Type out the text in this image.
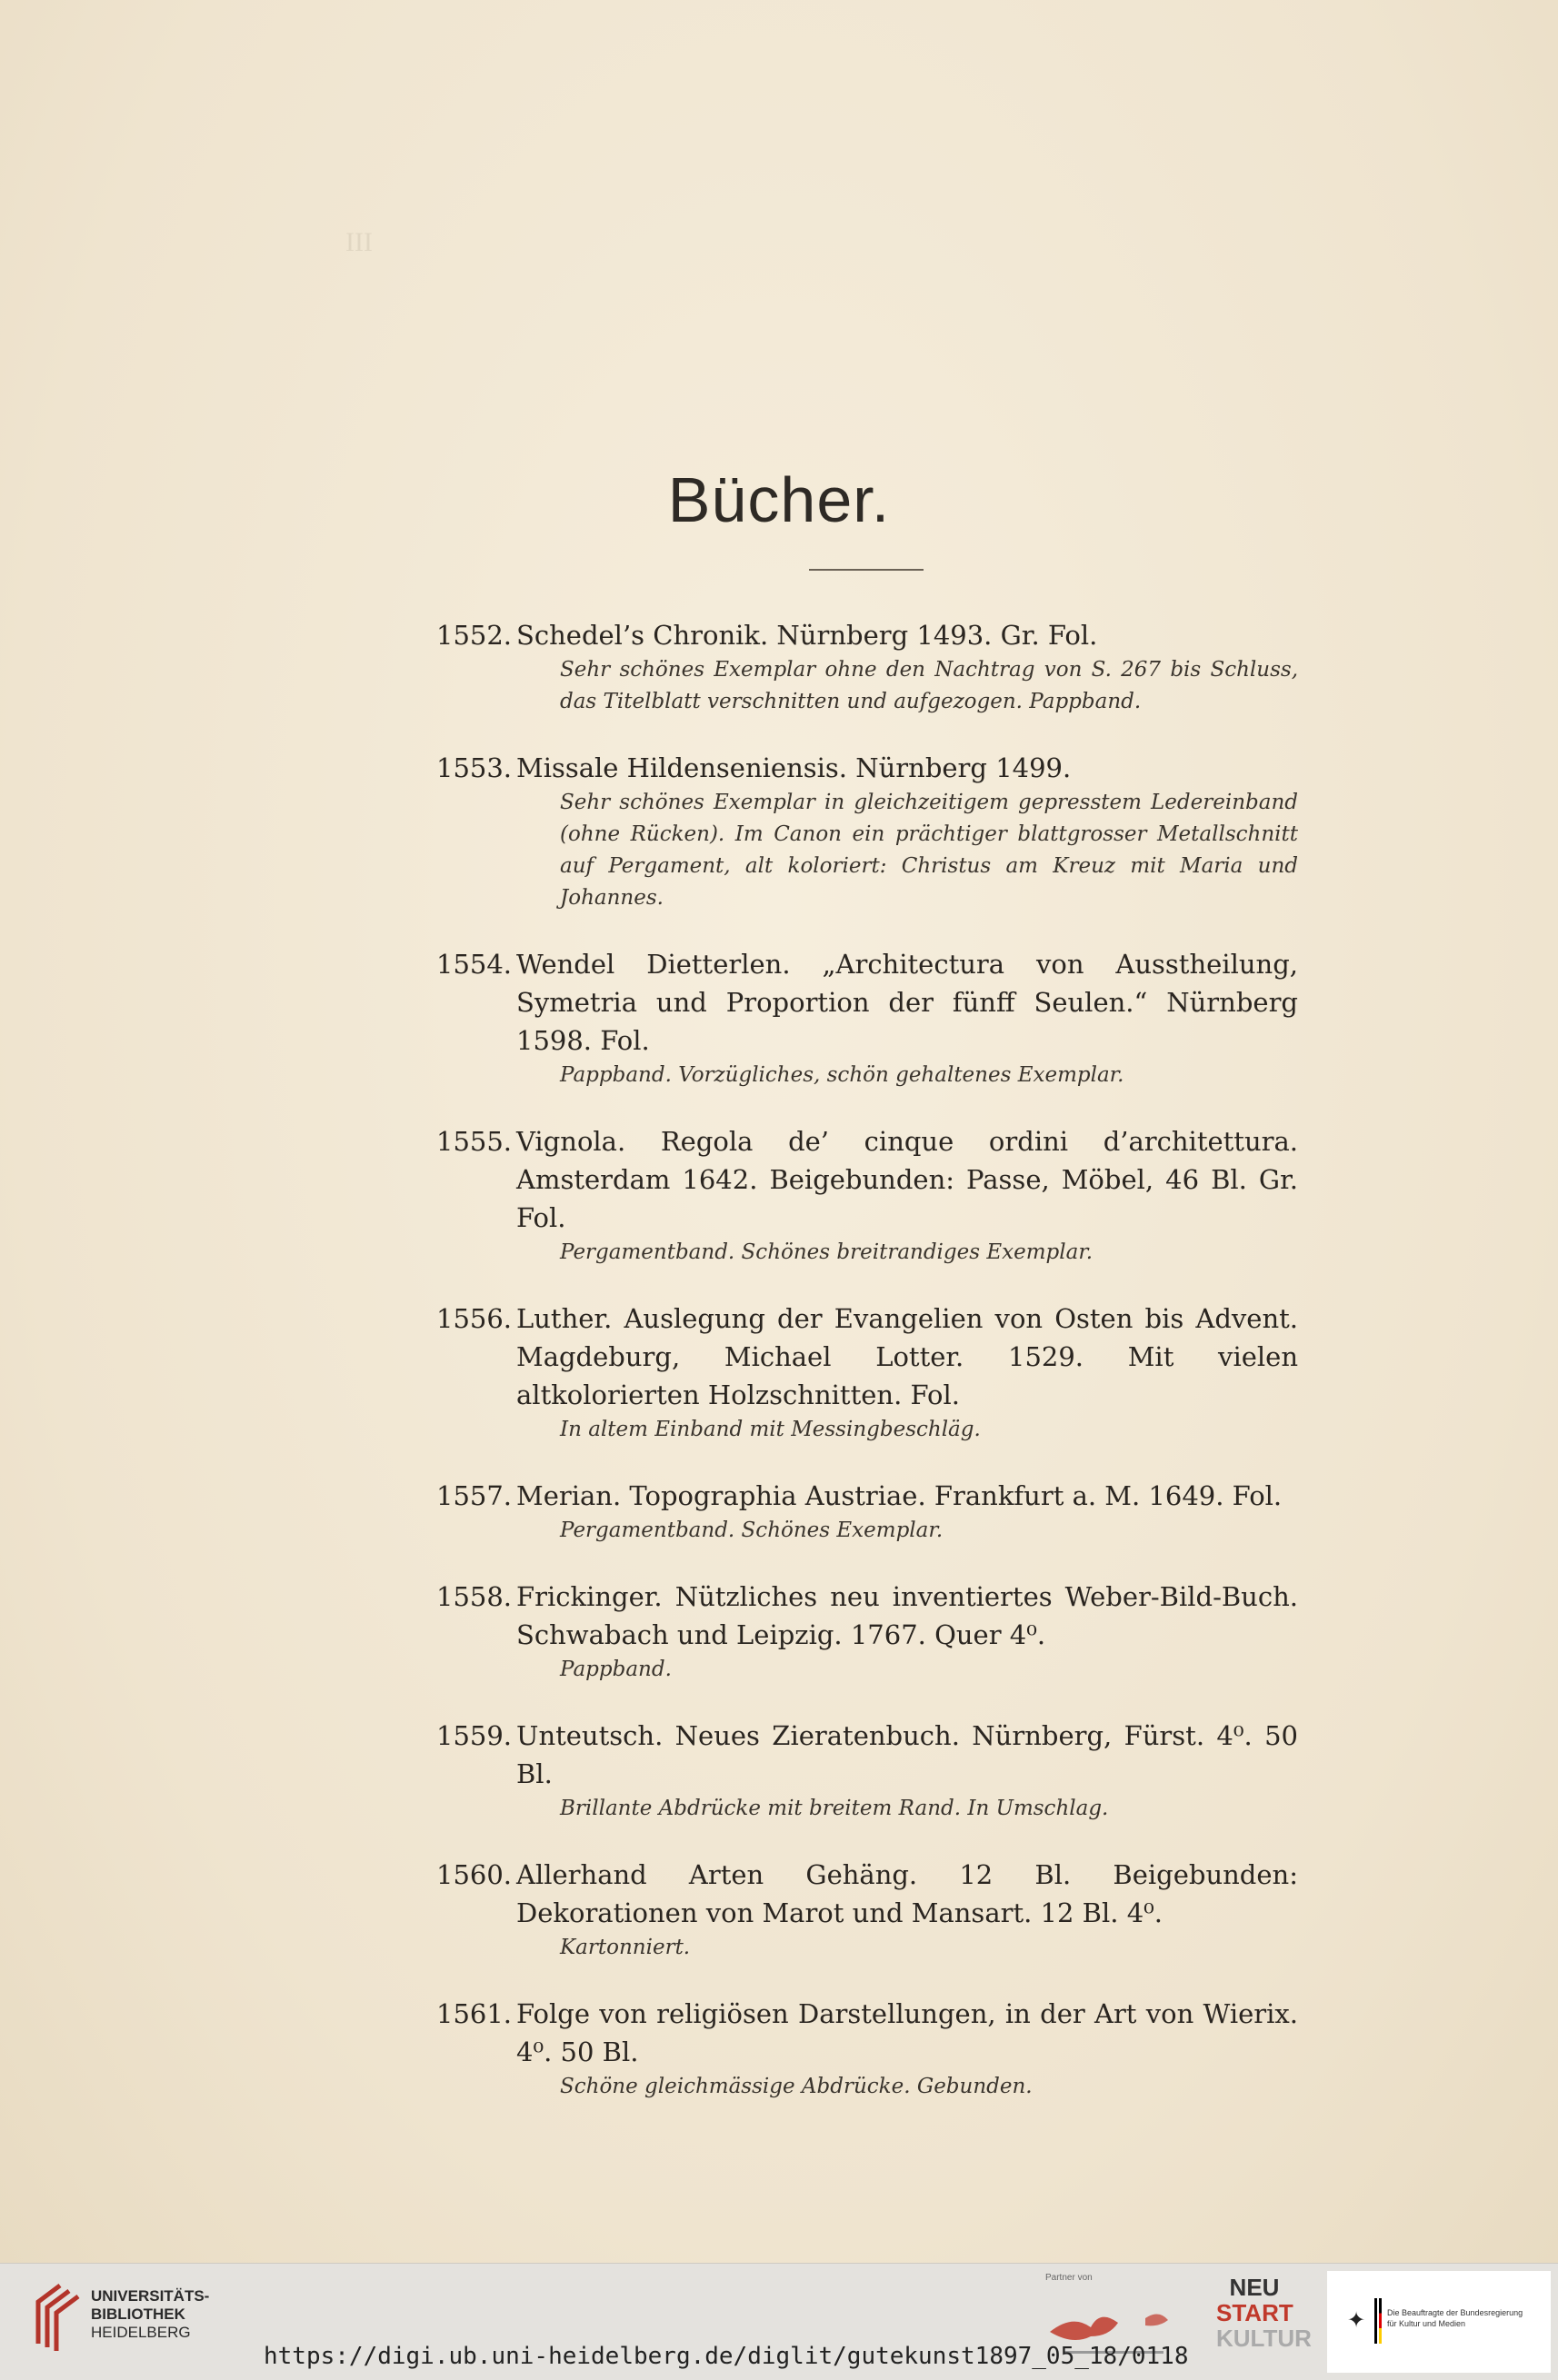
III
Bücher.
1552. Schedel’s Chronik. Nürnberg 1493. Gr. Fol.
Sehr schönes Exemplar ohne den Nachtrag von S. 267 bis Schluss, das Titelblatt verschnitten und aufgezogen. Pappband.
1553. Missale Hildenseniensis. Nürnberg 1499.
Sehr schönes Exemplar in gleichzeitigem gepresstem Ledereinband (ohne Rücken). Im Canon ein prächtiger blattgrosser Metallschnitt auf Pergament, alt koloriert: Christus am Kreuz mit Maria und Johannes.
1554. Wendel Dietterlen. „Architectura von Ausstheilung, Symetria und Proportion der fünff Seulen.“ Nürnberg 1598. Fol.
Pappband. Vorzügliches, schön gehaltenes Exemplar.
1555. Vignola. Regola de’ cinque ordini d’architettura. Amsterdam 1642. Beigebunden: Passe, Möbel, 46 Bl. Gr. Fol.
Pergamentband. Schönes breitrandiges Exemplar.
1556. Luther. Auslegung der Evangelien von Osten bis Advent. Magdeburg, Michael Lotter. 1529. Mit vielen altkolorierten Holzschnitten. Fol.
In altem Einband mit Messingbeschläg.
1557. Merian. Topographia Austriae. Frankfurt a. M. 1649. Fol.
Pergamentband. Schönes Exemplar.
1558. Frickinger. Nützliches neu inventiertes Weber-Bild-Buch. Schwabach und Leipzig. 1767. Quer 4⁰.
Pappband.
1559. Unteutsch. Neues Zieratenbuch. Nürnberg, Fürst. 4⁰. 50 Bl.
Brillante Abdrücke mit breitem Rand. In Umschlag.
1560. Allerhand Arten Gehäng. 12 Bl. Beigebunden: Dekorationen von Marot und Mansart. 12 Bl. 4⁰.
Kartonniert.
1561. Folge von religiösen Darstellungen, in der Art von Wierix. 4⁰. 50 Bl.
Schöne gleichmässige Abdrücke. Gebunden.
UNIVERSITÄTS-
BIBLIOTHEK
HEIDELBERG
Partner von	NEU
START
KULTUR
✦	Die Beauftragte der Bundesregierung
für Kultur und Medien
https://digi.ub.uni-heidelberg.de/diglit/gutekunst1897_05_18/0118
